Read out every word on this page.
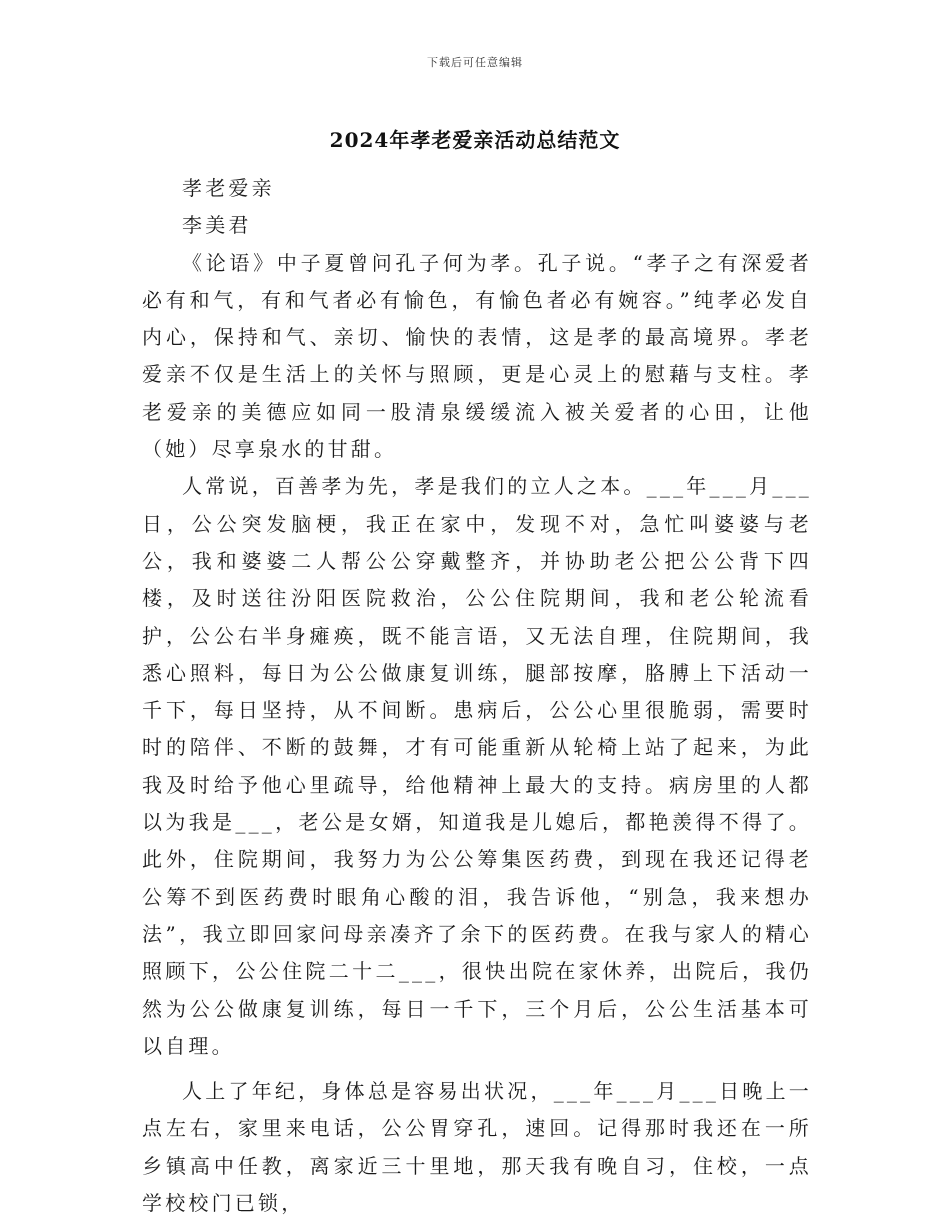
下载后可任意编辑
2024年孝老爱亲活动总结范文

孝老爱亲

李美君

《论语》中子夏曾问孔子何为孝。孔子说。“孝子之有深爱者必有和气，有和气者必有愉色，有愉色者必有婉容。”纯孝必发自内心，保持和气、亲切、愉快的表情，这是孝的最高境界。孝老爱亲不仅是生活上的关怀与照顾，更是心灵上的慰藉与支柱。孝老爱亲的美德应如同一股清泉缓缓流入被关爱者的心田，让他（她）尽享泉水的甘甜。

人常说，百善孝为先，孝是我们的立人之本。___年___月___日，公公突发脑梗，我正在家中，发现不对，急忙叫婆婆与老公，我和婆婆二人帮公公穿戴整齐，并协助老公把公公背下四楼，及时送往汾阳医院救治，公公住院期间，我和老公轮流看护，公公右半身瘫痪，既不能言语，又无法自理，住院期间，我悉心照料，每日为公公做康复训练，腿部按摩，胳膊上下活动一千下，每日坚持，从不间断。患病后，公公心里很脆弱，需要时时的陪伴、不断的鼓舞，才有可能重新从轮椅上站了起来，为此我及时给予他心里疏导，给他精神上最大的支持。病房里的人都以为我是___，老公是女婿，知道我是儿媳后，都艳羡得不得了。此外，住院期间，我努力为公公筹集医药费，到现在我还记得老公筹不到医药费时眼角心酸的泪，我告诉他，“别急，我来想办法”，我立即回家问母亲凑齐了余下的医药费。在我与家人的精心照顾下，公公住院二十二___，很快出院在家休养，出院后，我仍然为公公做康复训练，每日一千下，三个月后，公公生活基本可以自理。

人上了年纪，身体总是容易出状况，___年___月___日晚上一点左右，家里来电话，公公胃穿孔，速回。记得那时我还在一所乡镇高中任教，离家近三十里地，那天我有晚自习，住校，一点学校校门已锁，
